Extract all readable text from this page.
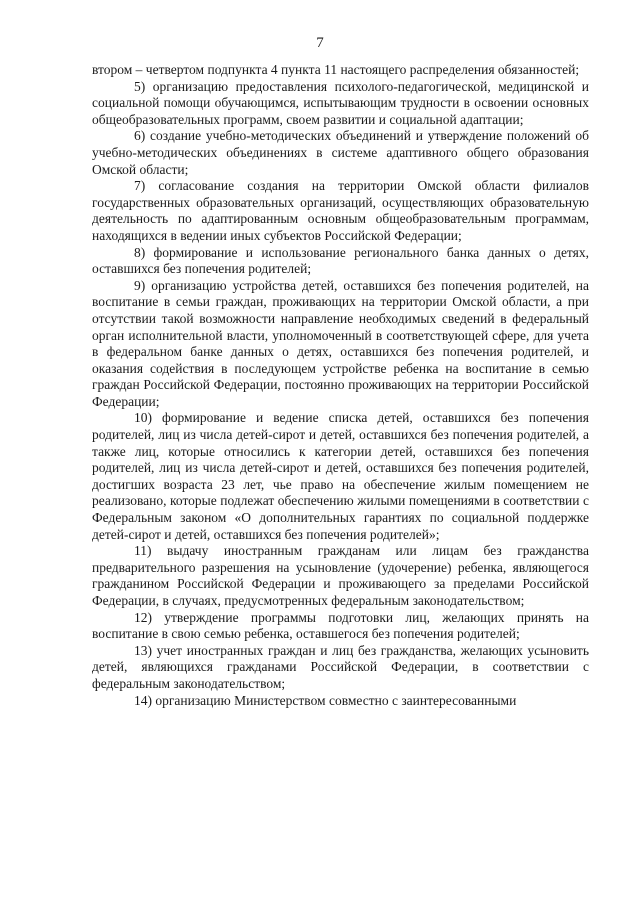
7

втором – четвертом подпункта 4 пункта 11 настоящего распределения обязанностей;

5) организацию предоставления психолого-педагогической, медицинской и социальной помощи обучающимся, испытывающим трудности в освоении основных общеобразовательных программ, своем развитии и социальной адаптации;

6) создание учебно-методических объединений и утверждение положений об учебно-методических объединениях в системе адаптивного общего образования Омской области;

7) согласование создания на территории Омской области филиалов государственных образовательных организаций, осуществляющих образовательную деятельность по адаптированным основным общеобразовательным программам, находящихся в ведении иных субъектов Российской Федерации;

8) формирование и использование регионального банка данных о детях, оставшихся без попечения родителей;

9) организацию устройства детей, оставшихся без попечения родителей, на воспитание в семьи граждан, проживающих на территории Омской области, а при отсутствии такой возможности направление необходимых сведений в федеральный орган исполнительной власти, уполномоченный в соответствующей сфере, для учета в федеральном банке данных о детях, оставшихся без попечения родителей, и оказания содействия в последующем устройстве ребенка на воспитание в семью граждан Российской Федерации, постоянно проживающих на территории Российской Федерации;

10) формирование и ведение списка детей, оставшихся без попечения родителей, лиц из числа детей-сирот и детей, оставшихся без попечения родителей, а также лиц, которые относились к категории детей, оставшихся без попечения родителей, лиц из числа детей-сирот и детей, оставшихся без попечения родителей, достигших возраста 23 лет, чье право на обеспечение жилым помещением не реализовано, которые подлежат обеспечению жилыми помещениями в соответствии с Федеральным законом «О дополнительных гарантиях по социальной поддержке детей-сирот и детей, оставшихся без попечения родителей»;

11) выдачу иностранным гражданам или лицам без гражданства предварительного разрешения на усыновление (удочерение) ребенка, являющегося гражданином Российской Федерации и проживающего за пределами Российской Федерации, в случаях, предусмотренных федеральным законодательством;

12) утверждение программы подготовки лиц, желающих принять на воспитание в свою семью ребенка, оставшегося без попечения родителей;

13) учет иностранных граждан и лиц без гражданства, желающих усыновить детей, являющихся гражданами Российской Федерации, в соответствии с федеральным законодательством;

14) организацию Министерством совместно с заинтересованными
